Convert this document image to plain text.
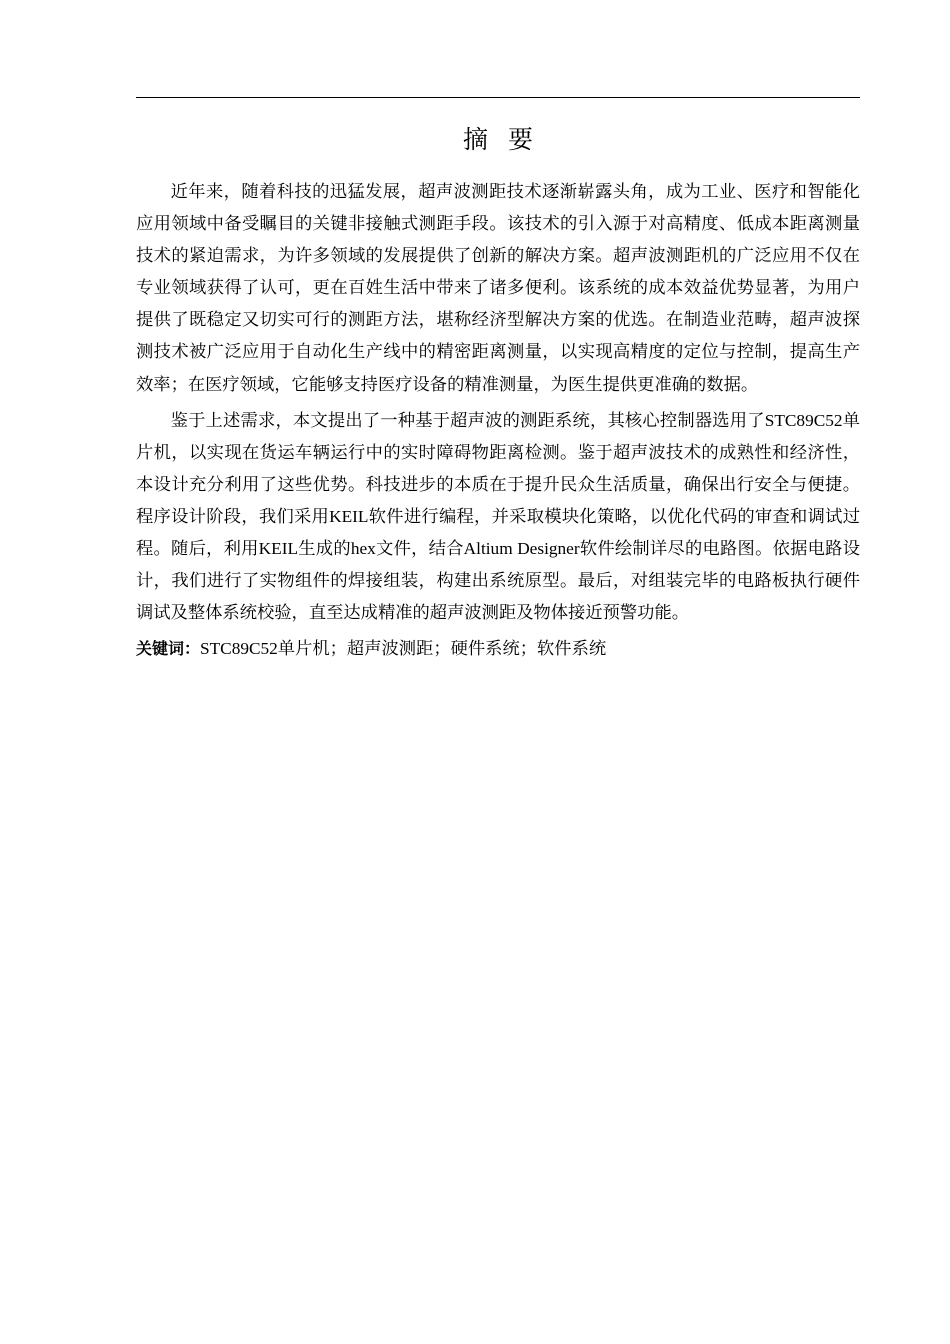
摘要

近年来，随着科技的迅猛发展，超声波测距技术逐渐崭露头角，成为工业、医疗和智能化应用领域中备受瞩目的关键非接触式测距手段。该技术的引入源于对高精度、低成本距离测量技术的紧迫需求，为许多领域的发展提供了创新的解决方案。超声波测距机的广泛应用不仅在专业领域获得了认可，更在百姓生活中带来了诸多便利。该系统的成本效益优势显著，为用户提供了既稳定又切实可行的测距方法，堪称经济型解决方案的优选。在制造业范畴，超声波探测技术被广泛应用于自动化生产线中的精密距离测量，以实现高精度的定位与控制，提高生产效率；在医疗领域，它能够支持医疗设备的精准测量，为医生提供更准确的数据。

鉴于上述需求，本文提出了一种基于超声波的测距系统，其核心控制器选用了STC89C52单片机，以实现在货运车辆运行中的实时障碍物距离检测。鉴于超声波技术的成熟性和经济性，本设计充分利用了这些优势。科技进步的本质在于提升民众生活质量，确保出行安全与便捷。程序设计阶段，我们采用KEIL软件进行编程，并采取模块化策略，以优化代码的审查和调试过程。随后，利用KEIL生成的hex文件，结合Altium Designer软件绘制详尽的电路图。依据电路设计，我们进行了实物组件的焊接组装，构建出系统原型。最后，对组装完毕的电路板执行硬件调试及整体系统校验，直至达成精准的超声波测距及物体接近预警功能。

关键词：STC89C52单片机；超声波测距；硬件系统；软件系统
